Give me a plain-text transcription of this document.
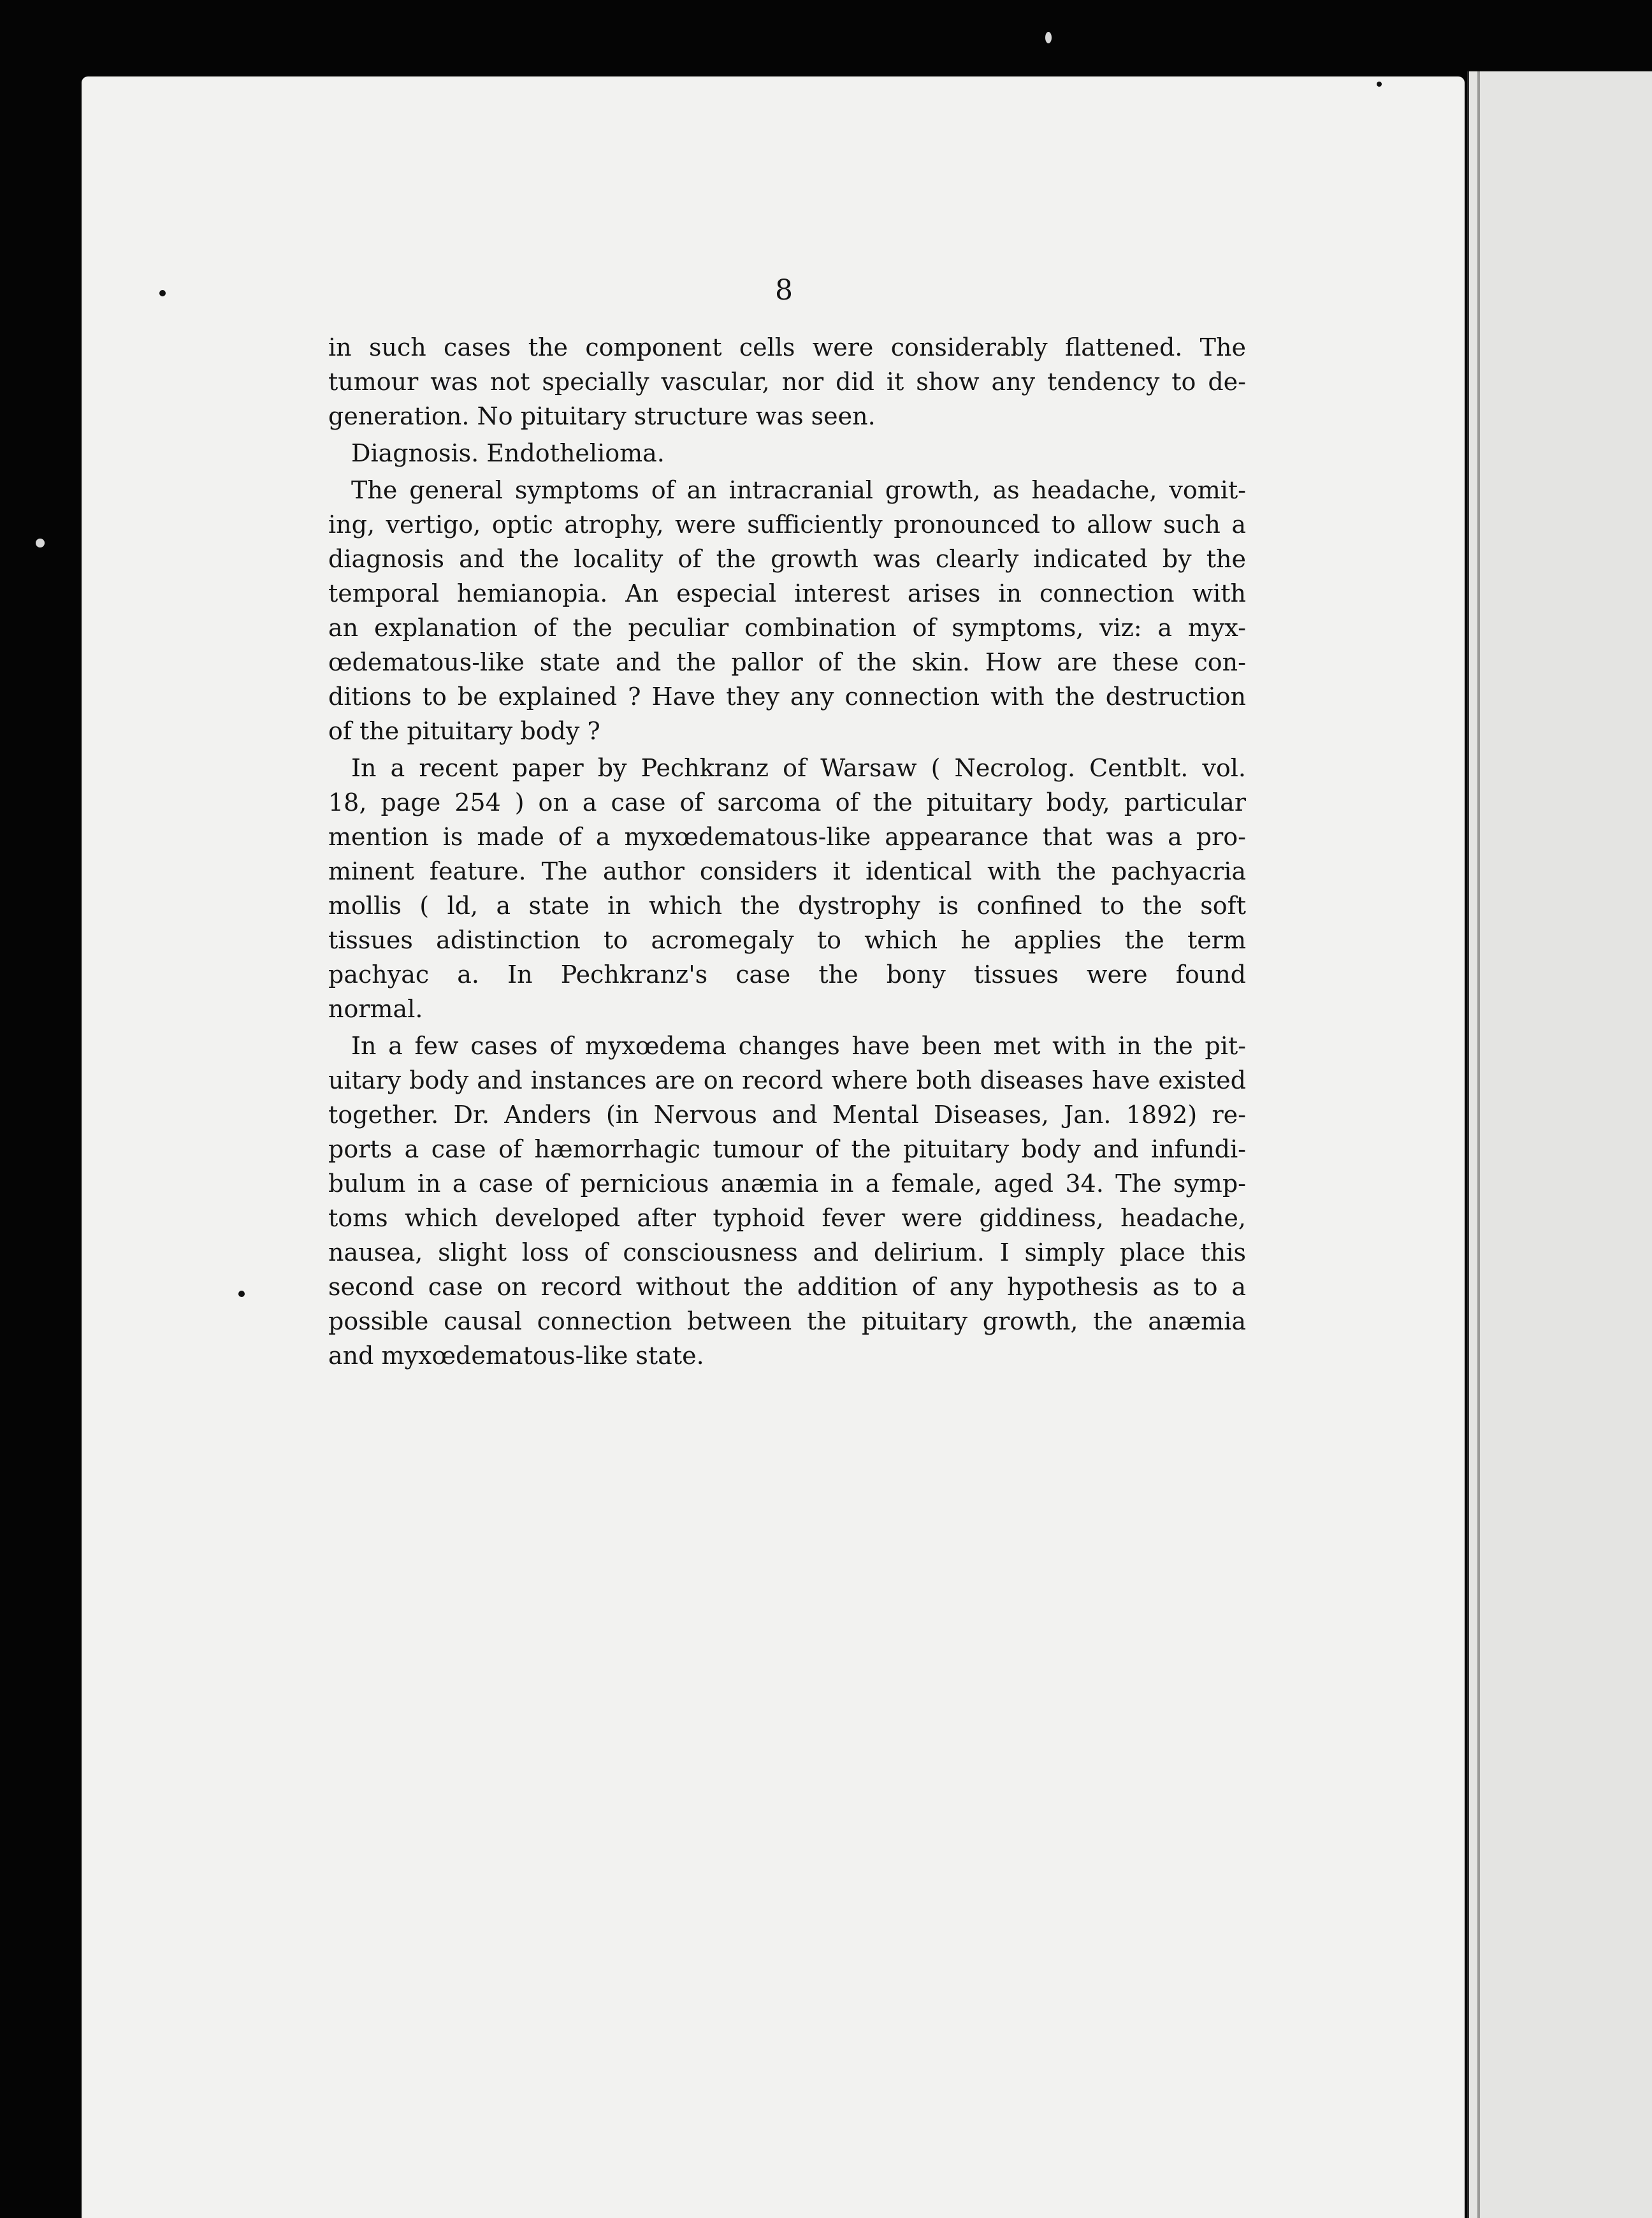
8
in such cases the component cells were considerably flattened. The
tumour was not specially vascular, nor did it show any tendency to de-
generation. No pituitary structure was seen.
Diagnosis. Endothelioma.
The general symptoms of an intracranial growth, as headache, vomit-
ing, vertigo, optic atrophy, were sufficiently pronounced to allow such a
diagnosis and the locality of the growth was clearly indicated by the
temporal hemianopia. An especial interest arises in connection with
an explanation of the peculiar combination of symptoms, viz: a myx-
œdematous-like state and the pallor of the skin. How are these con-
ditions to be explained ? Have they any connection with the destruction
of the pituitary body ?
In a recent paper by Pechkranz of Warsaw ( Necrolog. Centblt. vol.
18, page 254 ) on a case of sarcoma of the pituitary body, particular
mention is made of a myxœdematous-like appearance that was a pro-
minent feature. The author considers it identical with the pachyacria
mollis ( ld, a state in which the dystrophy is confined to the soft
tissues adistinction to acromegaly to which he applies the term
pachyac a. In Pechkranz's case the bony tissues were found
normal.
In a few cases of myxœdema changes have been met with in the pit-
uitary body and instances are on record where both diseases have existed
together. Dr. Anders (in Nervous and Mental Diseases, Jan. 1892) re-
ports a case of hæmorrhagic tumour of the pituitary body and infundi-
bulum in a case of pernicious anæmia in a female, aged 34. The symp-
toms which developed after typhoid fever were giddiness, headache,
nausea, slight loss of consciousness and delirium. I simply place this
second case on record without the addition of any hypothesis as to a
possible causal connection between the pituitary growth, the anæmia
and myxœdematous-like state.
